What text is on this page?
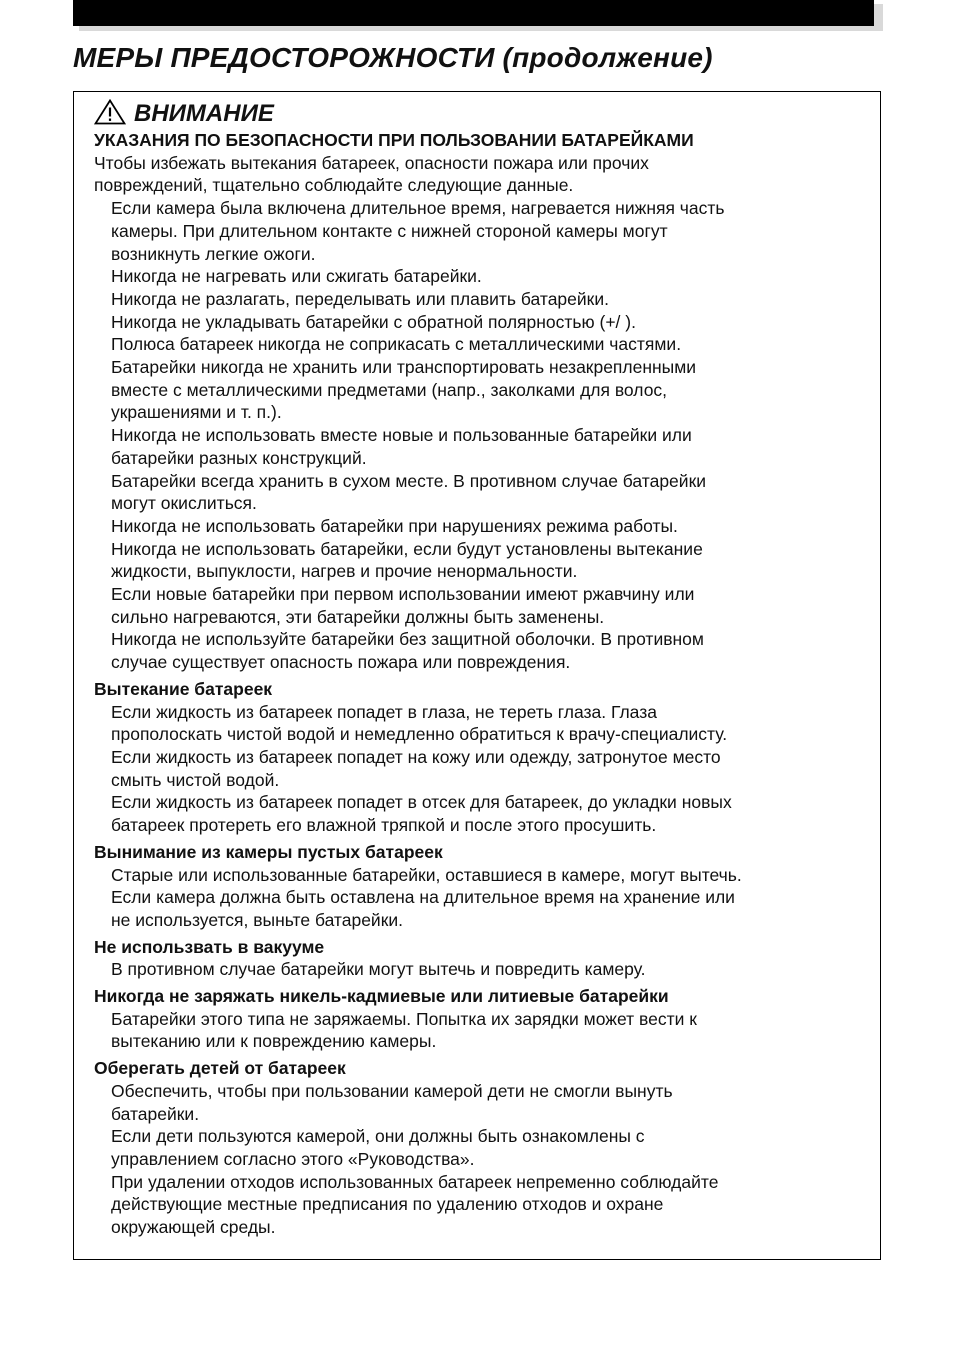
МЕРЫ ПРЕДОСТОРОЖНОСТИ (продолжение)
ВНИМАНИЕ
УКАЗАНИЯ ПО БЕЗОПАСНОСТИ ПРИ ПОЛЬЗОВАНИИ БАТАРЕЙКАМИ
Чтобы избежать вытекания батареек, опасности пожара или прочих
повреждений, тщательно соблюдайте следующие данные.
Если камера была включена длительное время, нагревается нижняя часть
камеры. При длительном контакте с нижней стороной камеры могут
возникнуть легкие ожоги.
Никогда не нагревать или сжигать батарейки.
Никогда не разлагать, переделывать или плавить батарейки.
Никогда не укладывать батарейки с обратной полярностью (+/ ).
Полюса батареек никогда не соприкасать с металлическими частями.
Батарейки никогда не хранить или транспортировать незакрепленными
вместе с металлическими предметами (напр., заколками для волос,
украшениями и т. п.).
Никогда не использовать вместе новые и пользованные батарейки или
батарейки разных конструкций.
Батарейки всегда хранить в сухом месте. В противном случае батарейки
могут окислиться.
Никогда не использовать батарейки при нарушениях режима работы.
Никогда не использовать батарейки, если будут установлены вытекание
жидкости, выпуклости, нагрев и прочие ненормальности.
Если новые батарейки при первом использовании имеют ржавчину или
сильно нагреваются, эти батарейки должны быть заменены.
Никогда не используйте батарейки без защитной оболочки. В противном
случае существует опасность пожара или повреждения.
Вытекание батареек
Если жидкость из батареек попадет в глаза, не тереть глаза. Глаза
прополоскать чистой водой и немедленно обратиться к врачу-специалисту.
Если жидкость из батареек попадет на кожу или одежду, затронутое место
смыть чистой водой.
Если жидкость из батареек попадет в отсек для батареек, до укладки новых
батареек протереть его влажной тряпкой и после этого просушить.
Вынимание из камеры пустых батареек
Старые или использованные батарейки, оставшиеся в камере, могут вытечь.
Если камера должна быть оставлена на длительное время на хранение или
не используется, выньте батарейки.
Не использвать в вакууме
В противном случае батарейки могут вытечь и повредить камеру.
Никогда не заряжать никель-кадмиевые или литиевые батарейки
Батарейки этого типа не заряжаемы. Попытка их зарядки может вести к
вытеканию или к повреждению камеры.
Оберегать детей от батареек
Обеспечить, чтобы при пользовании камерой дети не смогли вынуть
батарейки.
Если дети пользуются камерой, они должны быть ознакомлены с
управлением согласно этого «Руководства».
При удалении отходов использованных батареек непременно соблюдайте
действующие местные предписания по удалению отходов и охране
окружающей среды.
